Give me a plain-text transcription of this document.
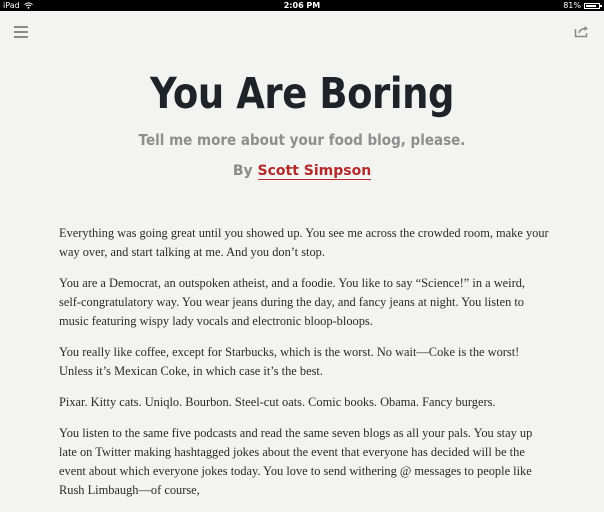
iPad	2:06 PM	81%
You Are Boring
Tell me more about your food blog, please.
By Scott Simpson

Everything was going great until you showed up. You see me across the crowded room, make your way over, and start talking at me. And you don’t stop.

You are a Democrat, an outspoken atheist, and a foodie. You like to say “Science!” in a weird, self-congratulatory way. You wear jeans during the day, and fancy jeans at night. You listen to music featuring wispy lady vocals and electronic bloop-bloops.

You really like coffee, except for Starbucks, which is the worst. No wait—Coke is the worst! Unless it’s Mexican Coke, in which case it’s the best.

Pixar. Kitty cats. Uniqlo. Bourbon. Steel-cut oats. Comic books. Obama. Fancy burgers.

You listen to the same five podcasts and read the same seven blogs as all your pals. You stay up late on Twitter making hashtagged jokes about the event that everyone has decided will be the event about which everyone jokes today. You love to send withering @ messages to people like Rush Limbaugh—of course,
